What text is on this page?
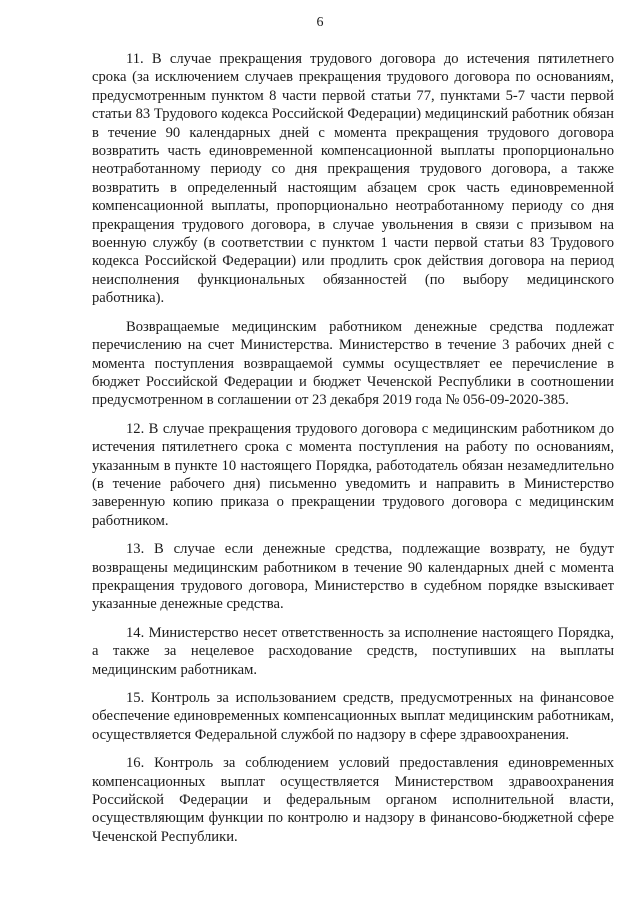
6

11. В случае прекращения трудового договора до истечения пятилетнего срока (за исключением случаев прекращения трудового договора по основаниям, предусмотренным пунктом 8 части первой статьи 77, пунктами 5-7 части первой статьи 83 Трудового кодекса Российской Федерации) медицинский работник обязан в течение 90 календарных дней с момента прекращения трудового договора возвратить часть единовременной компенсационной выплаты пропорционально неотработанному периоду со дня прекращения трудового договора, а также возвратить в определенный настоящим абзацем срок часть единовременной компенсационной выплаты, пропорционально неотработанному периоду со дня прекращения трудового договора, в случае увольнения в связи с призывом на военную службу (в соответствии с пунктом 1 части первой статьи 83 Трудового кодекса Российской Федерации) или продлить срок действия договора на период неисполнения функциональных обязанностей (по выбору медицинского работника).

Возвращаемые медицинским работником денежные средства подлежат перечислению на счет Министерства. Министерство в течение 3 рабочих дней с момента поступления возвращаемой суммы осуществляет ее перечисление в бюджет Российской Федерации и бюджет Чеченской Республики в соотношении предусмотренном в соглашении от 23 декабря 2019 года № 056-09-2020-385.

12. В случае прекращения трудового договора с медицинским работником до истечения пятилетнего срока с момента поступления на работу по основаниям, указанным в пункте 10 настоящего Порядка, работодатель обязан незамедлительно (в течение рабочего дня) письменно уведомить и направить в Министерство заверенную копию приказа о прекращении трудового договора с медицинским работником.

13. В случае если денежные средства, подлежащие возврату, не будут возвращены медицинским работником в течение 90 календарных дней с момента прекращения трудового договора, Министерство в судебном порядке взыскивает указанные денежные средства.

14. Министерство несет ответственность за исполнение настоящего Порядка, а также за нецелевое расходование средств, поступивших на выплаты медицинским работникам.

15. Контроль за использованием средств, предусмотренных на финансовое обеспечение единовременных компенсационных выплат медицинским работникам, осуществляется Федеральной службой по надзору в сфере здравоохранения.

16. Контроль за соблюдением условий предоставления единовременных компенсационных выплат осуществляется Министерством здравоохранения Российской Федерации и федеральным органом исполнительной власти, осуществляющим функции по контролю и надзору в финансово-бюджетной сфере Чеченской Республики.
